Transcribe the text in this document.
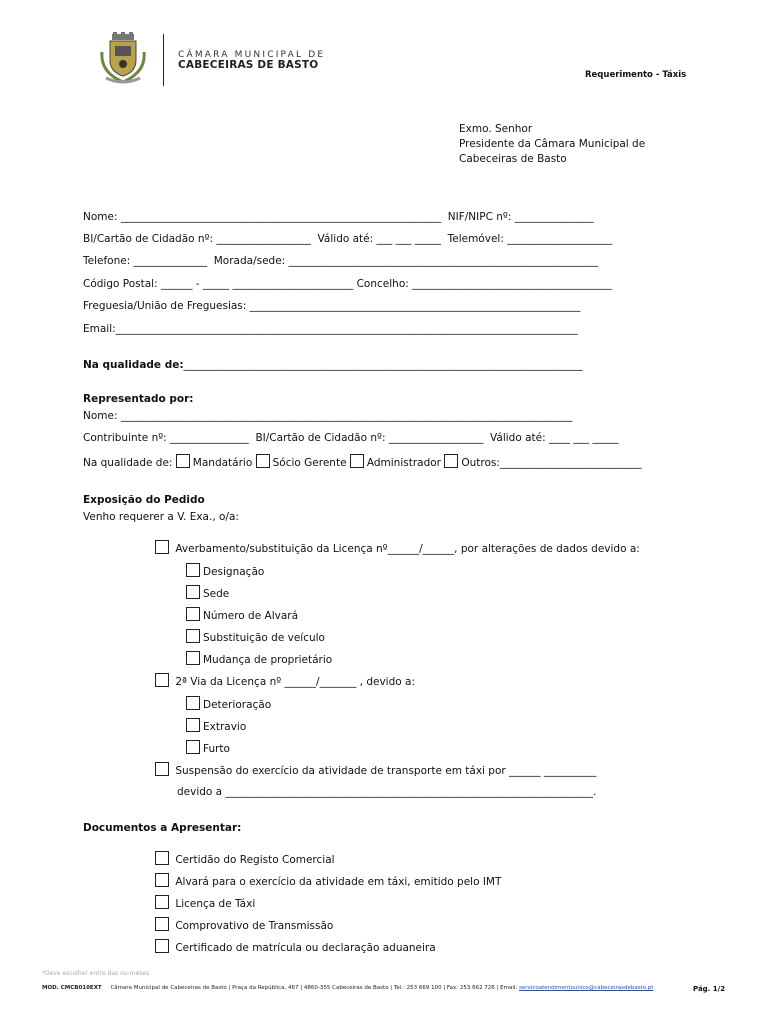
CÂMARA MUNICIPAL DE
CABECEIRAS DE BASTO
Requerimento - Táxis
Exmo. Senhor
Presidente da Câmara Municipal de
Cabeceiras de Basto
Nome: _____________________________________________________________  NIF/NIPC nº: _______________
BI/Cartão de Cidadão nº: __________________  Válido até: ___ ___ _____  Telemóvel: ____________________
Telefone: ______________  Morada/sede: ___________________________________________________________
Código Postal: ______ - _____ _______________________ Concelho: ______________________________________
Freguesia/União de Freguesias: _______________________________________________________________
Email:________________________________________________________________________________________
Na qualidade de:____________________________________________________________________________
Representado por:
Nome: ______________________________________________________________________________________
Contribuinte nº: _______________  BI/Cartão de Cidadão nº: __________________  Válido até: ____ ___ _____
Na qualidade de: Mandatário Sócio Gerente Administrador Outros:___________________________
Exposição do Pedido
Venho requerer a V. Exa., o/a:
Averbamento/substituição da Licença nº______/______, por alterações de dados devido a:
Designação
Sede
Número de Alvará
Substituição de veículo
Mudança de proprietário
2ª Via da Licença nº ______/_______ , devido a:
Deterioração
Extravio
Furto
Suspensão do exercício da atividade de transporte em táxi por ______ __________
devido a ______________________________________________________________________.
Documentos a Apresentar:
Certidão do Registo Comercial
Alvará para o exercício da atividade em táxi, emitido pelo IMT
Licença de Táxi
Comprovativo de Transmissão
Certificado de matrícula ou declaração aduaneira
*Deve escolher entre das ou-meses
MOD. CMCB010EXT Câmara Municipal de Cabeceiras de Basto | Praça da República, 467 | 4860-355 Cabeceiras de Basto | Tel.: 253 669 100 | Fax: 253 662 726 | Email: servicoatendimentounico@cabeceirasdebasto.pt	Pág. 1/2
